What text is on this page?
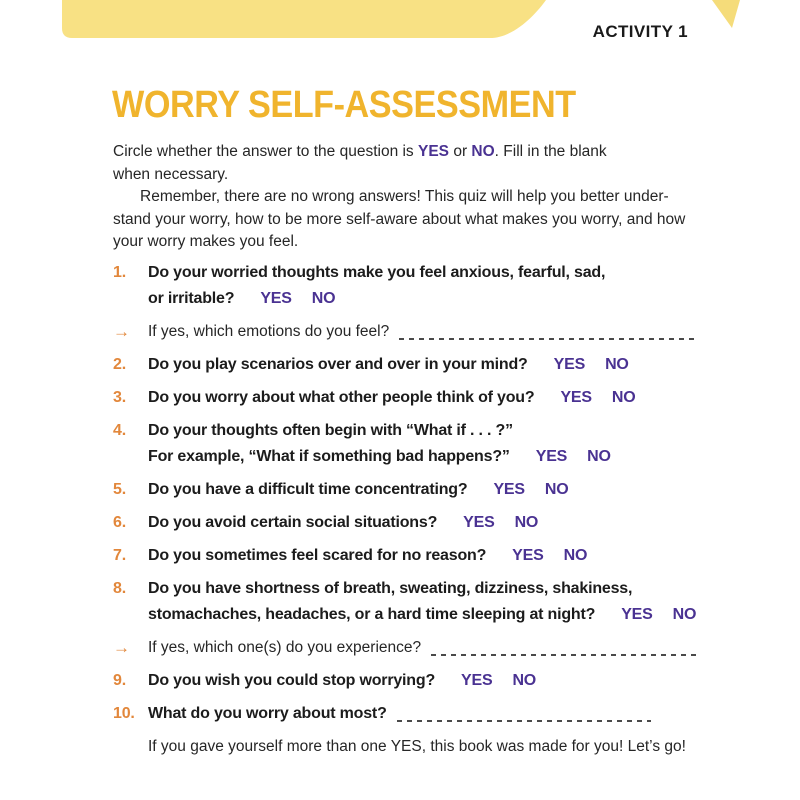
ACTIVITY 1
WORRY SELF-ASSESSMENT
Circle whether the answer to the question is YES or NO. Fill in the blank
when necessary.
Remember, there are no wrong answers! This quiz will help you better under-
stand your worry, how to be more self-aware about what makes you worry, and how
your worry makes you feel.
1.	Do your worried thoughts make you feel anxious, fearful, sad,
or irritable? YES NO
→	If yes, which emotions do you feel?
2.	Do you play scenarios over and over in your mind? YES NO
3.	Do you worry about what other people think of you? YES NO
4.	Do your thoughts often begin with “What if . . . ?”
For example, “What if something bad happens?” YES NO
5.	Do you have a difficult time concentrating? YES NO
6.	Do you avoid certain social situations? YES NO
7.	Do you sometimes feel scared for no reason? YES NO
8.	Do you have shortness of breath, sweating, dizziness, shakiness,
stomachaches, headaches, or a hard time sleeping at night? YES NO
→	If yes, which one(s) do you experience?
9.	Do you wish you could stop worrying? YES NO
10. What do you worry about most?
If you gave yourself more than one YES, this book was made for you! Let’s go!
